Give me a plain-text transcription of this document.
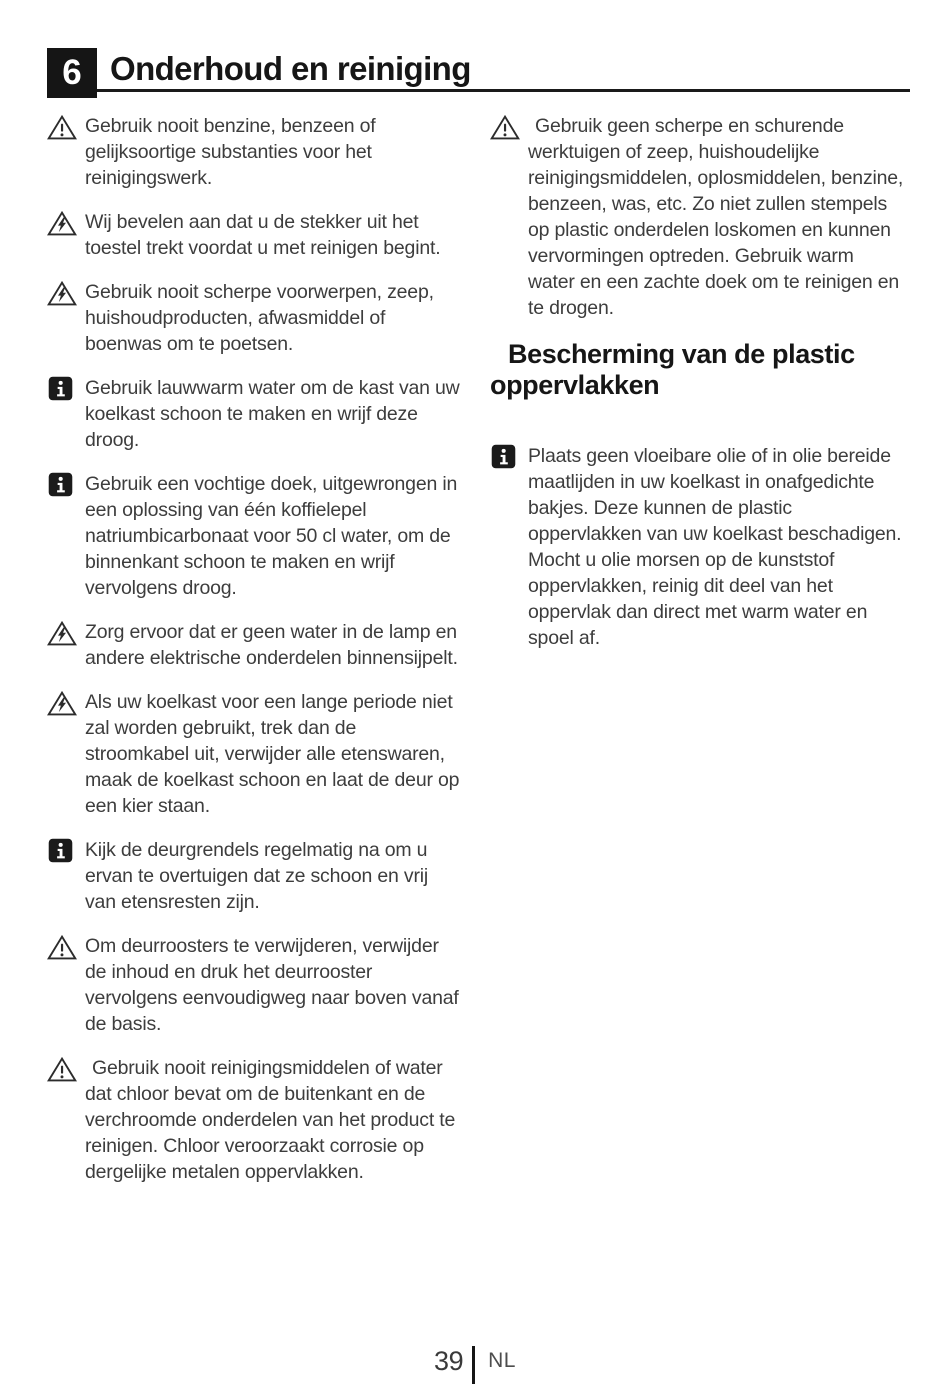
6 Onderhoud en reiniging

Gebruik nooit benzine, benzeen of gelijksoortige substanties voor het reinigingswerk.

Wij bevelen aan dat u de stekker uit het toestel trekt voordat u met reinigen begint.

Gebruik nooit scherpe voorwerpen, zeep, huishoudproducten, afwasmiddel of boenwas om te poetsen.

Gebruik lauwwarm water om de kast van uw koelkast schoon te maken en wrijf deze droog.

Gebruik een vochtige doek, uitgewrongen in een oplossing van één koffielepel natriumbicarbonaat voor 50 cl water, om de binnenkant schoon te maken en wrijf vervolgens droog.

Zorg ervoor dat er geen water in de lamp en andere elektrische onderdelen binnensijpelt.

Als uw koelkast voor een lange periode niet zal worden gebruikt, trek dan de stroomkabel uit, verwijder alle etenswaren, maak de koelkast schoon en laat de deur op een kier staan.

Kijk de deurgrendels regelmatig na om u ervan te overtuigen dat ze schoon en vrij van etensresten zijn.

Om deurroosters te verwijderen, verwijder de inhoud en druk het deurrooster vervolgens eenvoudigweg naar boven vanaf de basis.

Gebruik nooit reinigingsmiddelen of water dat chloor bevat om de buitenkant en de verchroomde onderdelen van het product te reinigen. Chloor veroorzaakt corrosie op dergelijke metalen oppervlakken.

Gebruik geen scherpe en schurende werktuigen of zeep, huishoudelijke reinigingsmiddelen, oplosmiddelen, benzine, benzeen, was, etc. Zo niet zullen stempels op plastic onderdelen loskomen en kunnen vervormingen optreden. Gebruik warm water en een zachte doek om te reinigen en te drogen.

Bescherming van de plastic oppervlakken

Plaats geen vloeibare olie of in olie bereide maatlijden in uw koelkast in onafgedichte bakjes. Deze kunnen de plastic oppervlakken van uw koelkast beschadigen. Mocht u olie morsen op de kunststof oppervlakken, reinig dit deel van het oppervlak dan direct met warm water en spoel af.

39 NL
